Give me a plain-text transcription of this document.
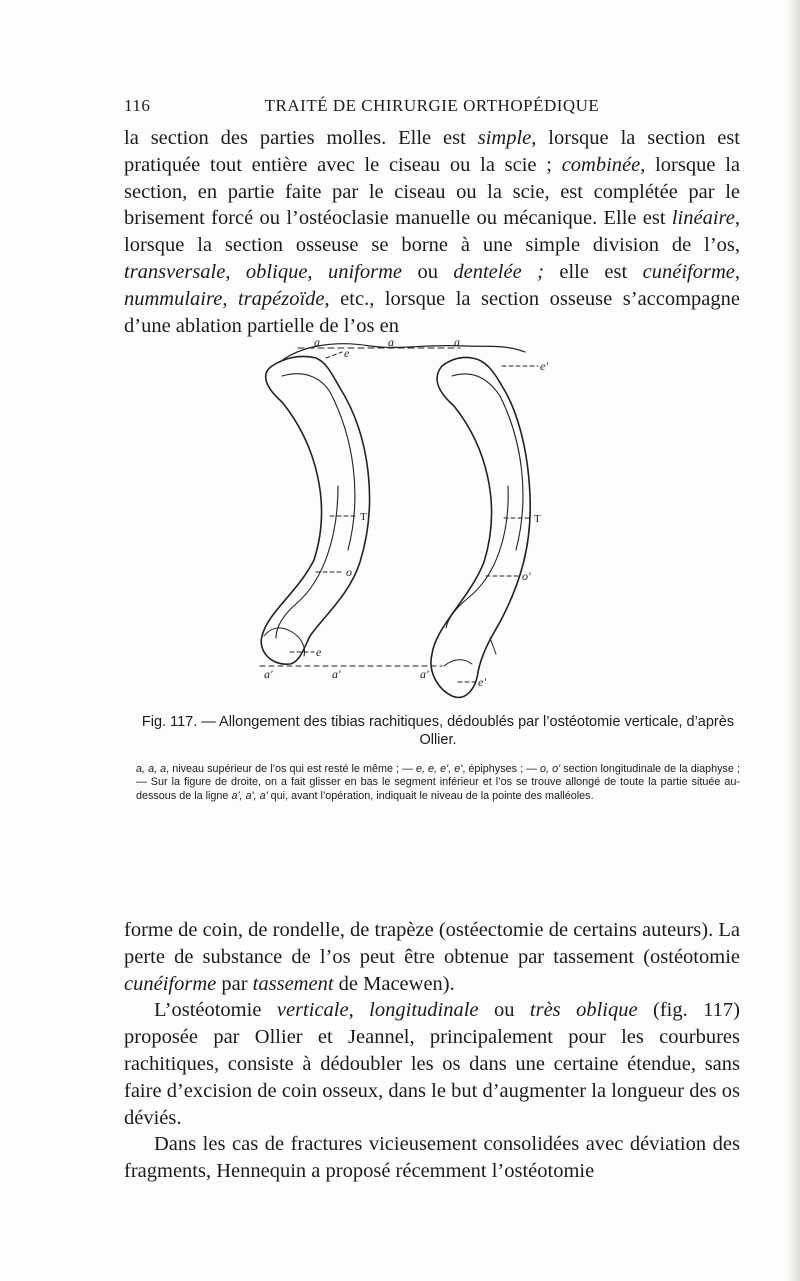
116	TRAITÉ DE CHIRURGIE ORTHOPÉDIQUE

la section des parties molles. Elle est simple, lorsque la section est pratiquée tout entière avec le ciseau ou la scie ; combinée, lorsque la section, en partie faite par le ciseau ou la scie, est complétée par le brisement forcé ou l’ostéoclasie manuelle ou mécanique. Elle est linéaire, lorsque la section osseuse se borne à une simple division de l’os, transversale, oblique, uniforme ou dentelée ; elle est cunéiforme, nummulaire, trapézoïde, etc., lorsque la section osseuse s’accompagne d’une ablation partielle de l’os en

a	a	a
e
e'
T
o
T
o'
e
a'	a'	a'
e'
Fig. 117. — Allongement des tibias rachitiques, dédoublés par l’ostéotomie verticale, d’après Ollier.

a, a, a, niveau supérieur de l’os qui est resté le même ; — e, e, e', e', épiphyses ; — o, o' section longitudinale de la diaphyse ; — Sur la figure de droite, on a fait glisser en bas le segment inférieur et l’os se trouve allongé de toute la partie située au-dessous de la ligne a', a', a' qui, avant l’opération, indiquait le niveau de la pointe des malléoles.

forme de coin, de rondelle, de trapèze (ostéectomie de certains auteurs). La perte de substance de l’os peut être obtenue par tassement (ostéotomie cunéiforme par tassement de Macewen).

L’ostéotomie verticale, longitudinale ou très oblique (fig. 117) proposée par Ollier et Jeannel, principalement pour les courbures rachitiques, consiste à dédoubler les os dans une certaine étendue, sans faire d’excision de coin osseux, dans le but d’augmenter la longueur des os déviés.

Dans les cas de fractures vicieusement consolidées avec déviation des fragments, Hennequin a proposé récemment l’ostéotomie
